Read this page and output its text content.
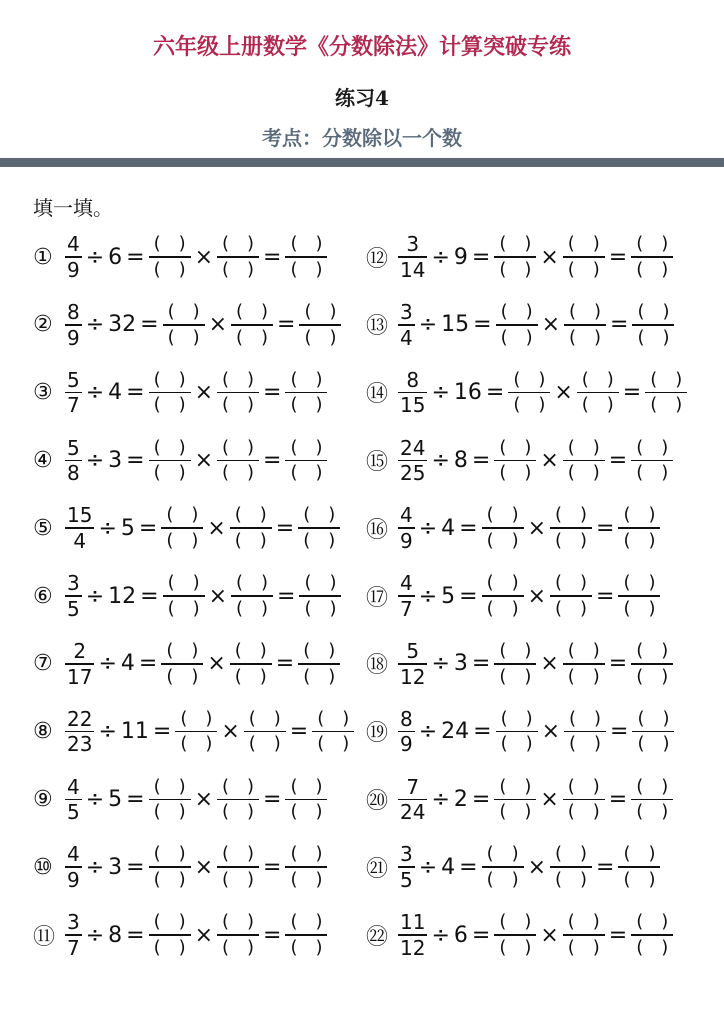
六年级上册数学《分数除法》计算突破专练
练习4
考点：分数除以一个数
填一填。
① $\frac{4}{9} \div 6$ =
()
()
×
()
()
=
()
()
② $\frac{8}{9} \div 32$ =
()
()
×
()
()
=
()
()
③ $\frac{5}{7} \div 4$ =
()
()
×
()
()
=
()
()
④ $\frac{5}{8} \div 3$ =
()
()
×
()
()
=
()
()
⑤ $\frac{15}{4} \div 5$ =
()
()
×
()
()
=
()
()
⑥ $\frac{3}{5} \div 12$ =
()
()
×
()
()
=
()
()
⑦ $\frac{2}{17} \div 4$ =
()
()
×
()
()
=
()
()
⑧ $\frac{22}{23} \div 11$ =
()
()
×
()
()
=
()
()
⑨ $\frac{4}{5} \div 5$ =
()
()
×
()
()
=
()
()
⑩ $\frac{4}{9} \div 3$ =
()
()
×
()
()
=
()
()
⑪ $\frac{3}{7} \div 8$ =
()
()
×
()
()
=
()
()
⑫ $\frac{3}{14} \div 9$ =
()
()
×
()
()
=
()
()
⑬ $\frac{3}{4} \div 15$ =
()
()
×
()
()
=
()
()
⑭ $\frac{8}{15} \div 16$ =
()
()
×
()
()
=
()
()
⑮ $\frac{24}{25} \div 8$ =
()
()
×
()
()
=
()
()
⑯ $\frac{4}{9} \div 4$ =
()
()
×
()
()
=
()
()
⑰ $\frac{4}{7} \div 5$ =
()
()
×
()
()
=
()
()
⑱ $\frac{5}{12} \div 3$ =
()
()
×
()
()
=
()
()
⑲ $\frac{8}{9} \div 24$ =
()
()
×
()
()
=
()
()
⑳ $\frac{7}{24} \div 2$ =
()
()
×
()
()
=
()
()
㉑ $\frac{3}{5} \div 4$ =
()
()
×
()
()
=
()
()
㉒ $\frac{11}{12} \div 6$ =
()
()
×
()
()
=
()
()
